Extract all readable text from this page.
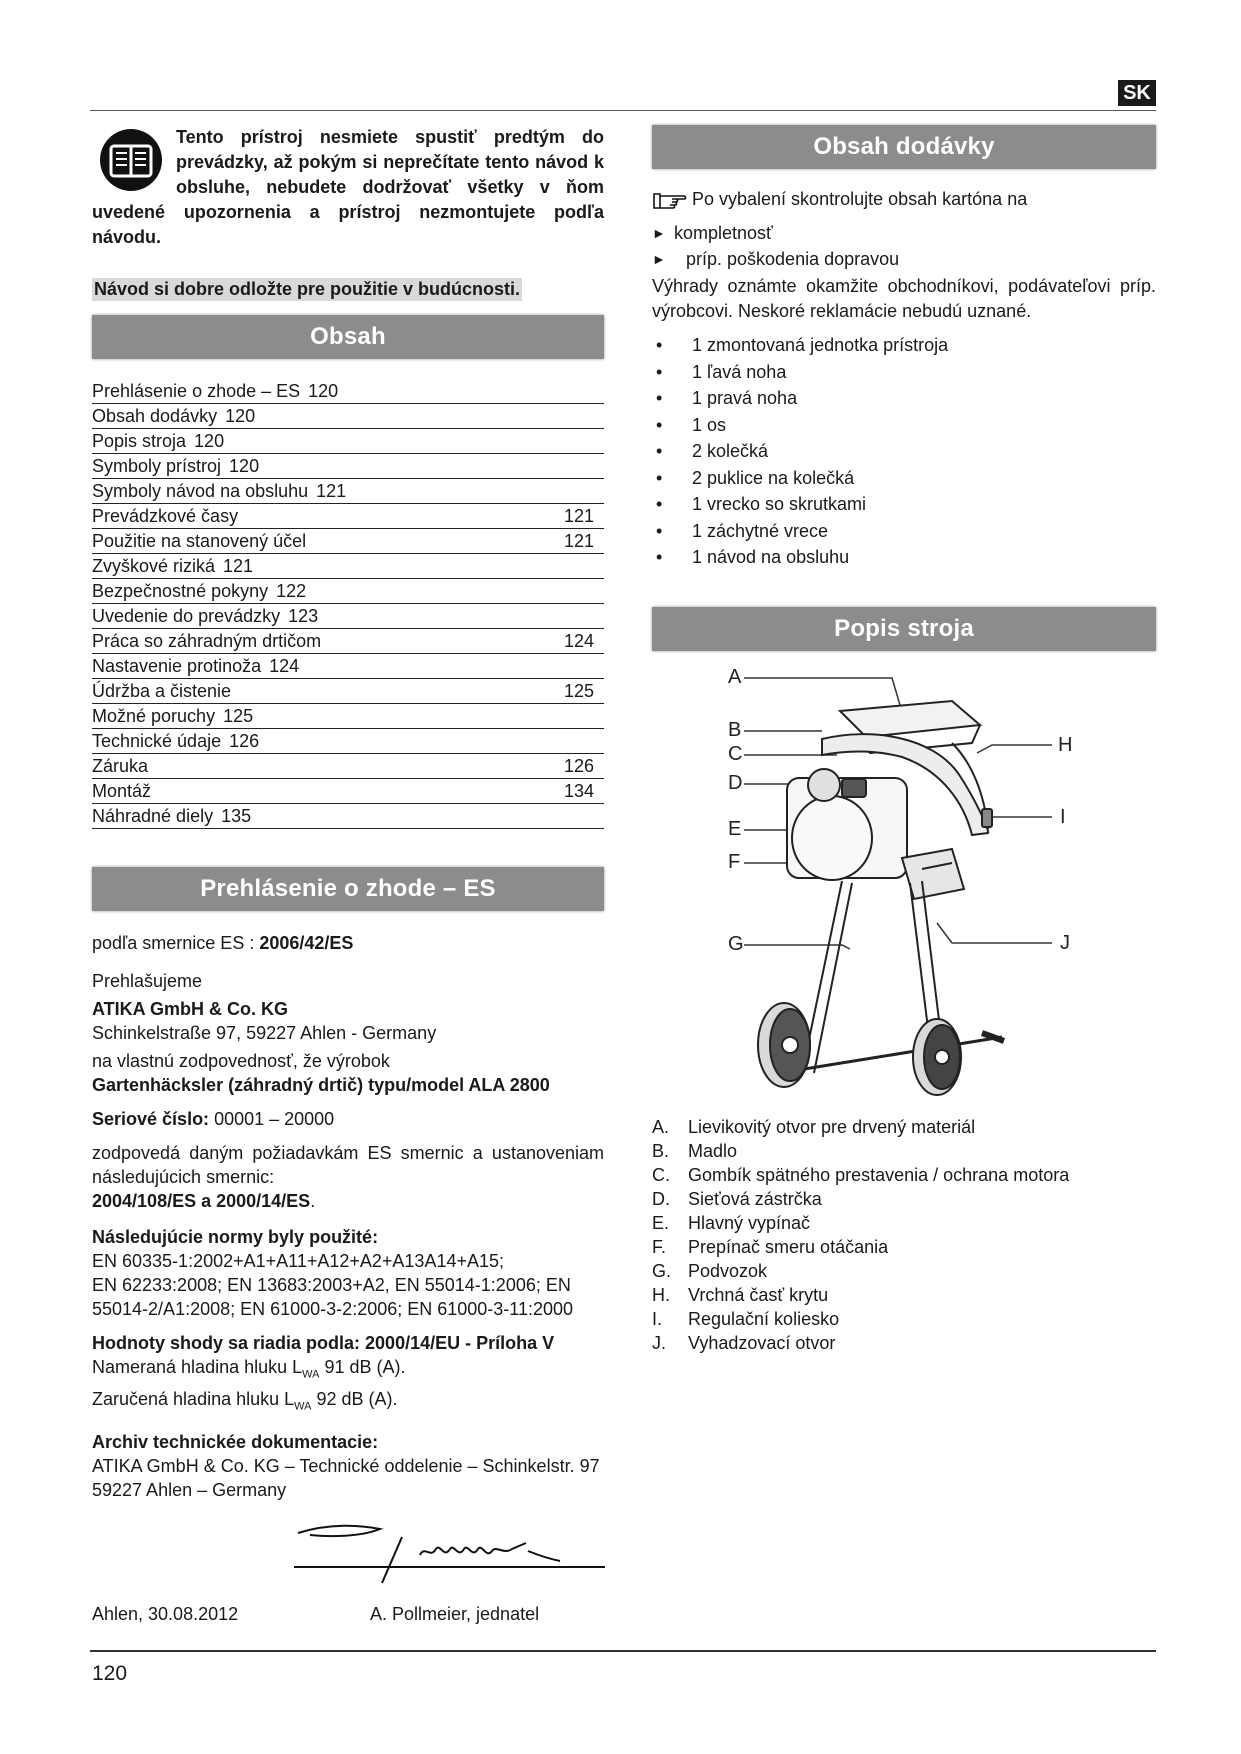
SK
120
Tento prístroj nesmiete spustiť predtým do prevádzky, až pokým si neprečítate tento návod k obsluhe, nebudete dodržovať všetky v ňom uvedené upozornenia a prístroj nezmontujete podľa návodu.
Návod si dobre odložte pre použitie v budúcnosti.
Obsah
Prehlásenie o zhode – ES 120
Obsah dodávky 120
Popis stroja 120
Symboly prístroj 120
Symboly návod na obsluhu 121
Prevádzkové časy	121
Použitie na stanovený účel	121
Zvyškové riziká 121
Bezpečnostné pokyny 122
Uvedenie do prevádzky 123
Práca so záhradným drtičom	124
Nastavenie protinoža 124
Údržba a čistenie	125
Možné poruchy 125
Technické údaje 126
Záruka	126
Montáž	134
Náhradné diely 135
Prehlásenie o zhode – ES
podľa smernice ES : 2006/42/ES
Prehlašujeme
ATIKA GmbH & Co. KG
Schinkelstraße 97, 59227 Ahlen - Germany
na vlastnú zodpovednosť, že výrobok
Gartenhäcksler (záhradný drtič) typu/model ALA 2800
Seriové číslo: 00001 – 20000
zodpovedá daným požiadavkám ES smernic a ustanoveniam následujúcich smernic:
2004/108/ES a 2000/14/ES.
Následujúcie normy byly použité:
EN 60335-1:2002+A1+A11+A12+A2+A13A14+A15;
EN 62233:2008; EN 13683:2003+A2, EN 55014-1:2006; EN 55014-2/A1:2008; EN 61000-3-2:2006; EN 61000-3-11:2000
Hodnoty shody sa riadia podla: 2000/14/EU - Príloha V
Nameraná hladina hluku $L_{WA}$ 91 dB (A).
Zaručená hladina hluku $L_{WA}$ 92 dB (A).
Archiv technickée dokumentacie:
ATIKA GmbH & Co. KG – Technické oddelenie – Schinkelstr. 97
59227 Ahlen – Germany
Ahlen, 30.08.2012	A. Pollmeier, jednatel
Obsah dodávky
Po vybalení skontrolujte obsah kartóna na
► kompletnosť
►	príp. poškodenia dopravou
Výhrady oznámte okamžite obchodníkovi, podávateľovi príp. výrobcovi. Neskoré reklamácie nebudú uznané.
•	1 zmontovaná jednotka prístroja
•	1 ľavá noha
•	1 pravá noha
•	1 os
•	2 kolečká
•	2 puklice na kolečká
•	1 vrecko so skrutkami
•	1 záchytné vrece
•	1 návod na obsluhu
Popis stroja
A
B
C
D
E
F
G
H
I
J
A.	Lievikovitý otvor pre drvený materiál
B.	Madlo
C.	Gombík spätného prestavenia / ochrana motora
D.	Sieťová zástrčka
E.	Hlavný vypínač
F.	Prepínač smeru otáčania
G. Podvozok
H.	Vrchná časť krytu
I.	Regulační koliesko
J.	Vyhadzovací otvor
